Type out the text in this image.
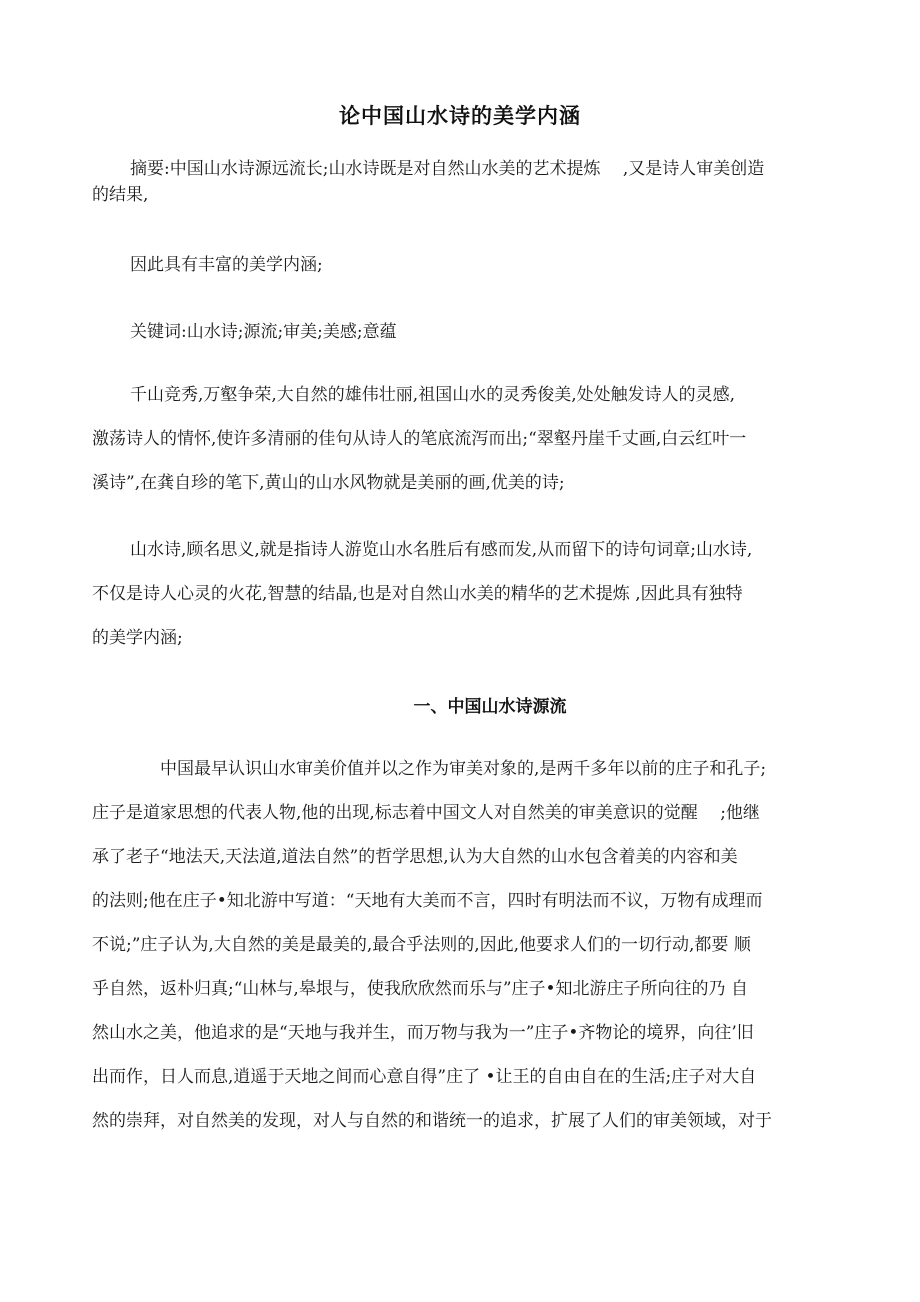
论中国山水诗的美学内涵
摘要:中国山水诗源远流长;山水诗既是对自然山水美的艺术提炼　 ,又是诗人审美创造
的结果,
因此具有丰富的美学内涵;
关键词:山水诗;源流;审美;美感;意蕴
千山竞秀,万壑争荣,大自然的雄伟壮丽,祖国山水的灵秀俊美,处处触发诗人的灵感,
激荡诗人的情怀,使许多清丽的佳句从诗人的笔底流泻而出;“翠壑丹崖千丈画,白云红叶一
溪诗”,在龚自珍的笔下,黄山的山水风物就是美丽的画,优美的诗;
山水诗,顾名思义,就是指诗人游览山水名胜后有感而发,从而留下的诗句词章;山水诗,
不仅是诗人心灵的火花,智慧的结晶,也是对自然山水美的精华的艺术提炼 ,因此具有独特
的美学内涵;
一、中国山水诗源流
中国最早认识山水审美价值并以之作为审美对象的,是两千多年以前的庄子和孔子;
庄子是道家思想的代表人物,他的出现,标志着中国文人对自然美的审美意识的觉醒　 ;他继
承了老子“地法天,天法道,道法自然”的哲学思想,认为大自然的山水包含着美的内容和美
的法则;他在庄子•知北游中写道：“天地有大美而不言，四时有明法而不议，万物有成理而
不说;”庄子认为,大自然的美是最美的,最合乎法则的,因此,他要求人们的一切行动,都要 顺
乎自然，返朴归真;“山林与,皋垠与，使我欣欣然而乐与”庄子•知北游庄子所向往的乃 自
然山水之美，他追求的是“天地与我并生，而万物与我为一”庄子•齐物论的境界，向往’旧
出而作，日人而息,逍遥于天地之间而心意自得”庄了 •让王的自由自在的生活;庄子对大自
然的崇拜，对自然美的发现，对人与自然的和谐统一的追求，扩展了人们的审美领域，对于
